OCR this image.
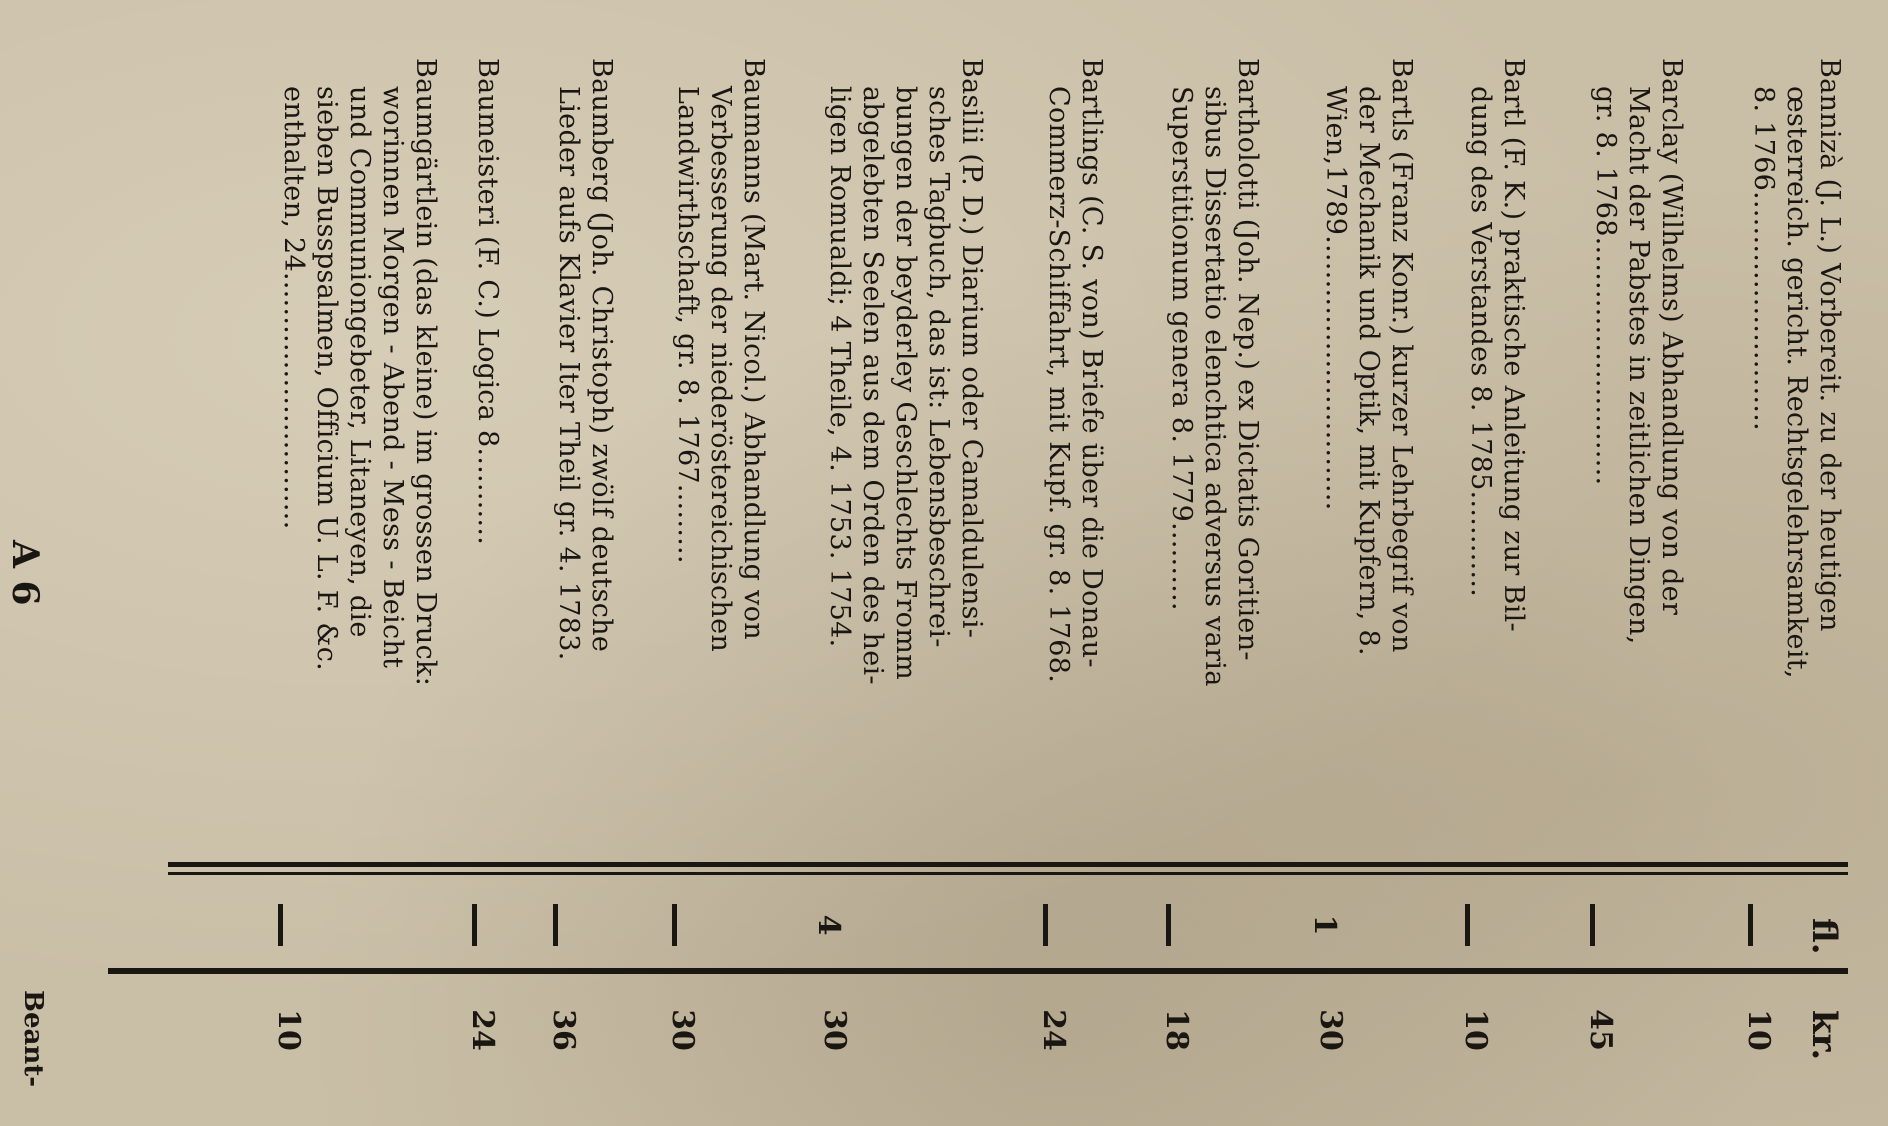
fl.
kr.
Bannizà (J. L.) Vorbereit. zu der heutigen
œsterreich. gericht. Rechtsgelehrsamkeit,
8. 1766...........................
10
Barclay (Wilhelms) Abhandlung von der
Macht der Pabstes in zeitlichen Dingen,
gr. 8. 1768............................
45
Bartl (F. K.) praktische Anleitung zur Bil-
dung des Verstandes 8. 1785............
10
Bartls (Franz Konr.) kurzer Lehrbegrif von
der Mechanik und Optik, mit Kupfern, 8.
Wien,1789...............................
1
30
Bartholotti (Joh. Nep.) ex Dictatis Goritien-
sibus Dissertatio elenchtica adversus varia
Superstitionum genera 8. 1779..........
18
Bartlings (C. S. von) Briefe über die Donau-
Commerz-Schiffahrt, mit Kupf. gr. 8. 1768.
24
Basilii (P. D.) Diarium oder Camaldulensi-
sches Tagbuch, das ist: Lebensbeschrei-
bungen der beyderley Geschlechts Fromm
abgelebten Seelen aus dem Orden des hei-
ligen Romualdi; 4 Theile, 4. 1753. 1754.
4
30
Baumanns (Mart. Nicol.) Abhandlung von
Verbesserung der niederöstereichischen
Landwirthschaft, gr. 8. 1767.........
30
Baumberg (Joh. Christoph) zwölf deutsche
Lieder aufs Klavier Iter Theil gr. 4. 1783.
36
Baumeisteri (F. C.) Logica 8...........
24
Baumgärtlein (das kleine) im grossen Druck:
worinnen Morgen - Abend - Mess - Beicht
und Communiongebeter, Litaneyen, die
sieben Busspsalmen, Officium U. L. F. &c.
enthalten, 24.............................
10
A 6
Beant-
